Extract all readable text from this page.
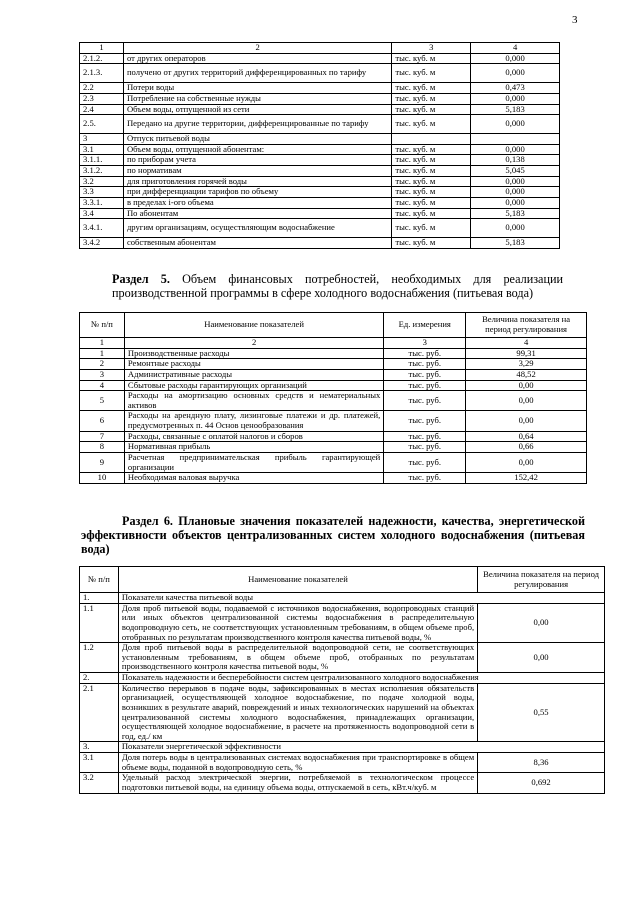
3
1	2	3	4
2.1.2.	от других операторов	тыс. куб. м	0,000
2.1.3.	получено от других территорий дифференцированных по тарифу	тыс. куб. м	0,000
2.2	Потери воды	тыс. куб. м	0,473
2.3	Потребление на собственные нужды	тыс. куб. м	0,000
2.4	Объем воды, отпущенной из сети	тыс. куб. м	5,183
2.5.	Передано на другие территории, дифференцированные по тарифу	тыс. куб. м	0,000
3	Отпуск питьевой воды		
3.1	Объем воды, отпущенной абонентам:	тыс. куб. м	0,000
3.1.1.	по приборам учета	тыс. куб. м	0,138
3.1.2.	по нормативам	тыс. куб. м	5,045
3.2	для приготовления горячей воды	тыс. куб. м	0,000
3.3	при дифференциации тарифов по объему	тыс. куб. м	0,000
3.3.1.	в пределах i-ого объема	тыс. куб. м	0,000
3.4	По абонентам	тыс. куб. м	5,183
3.4.1.	другим организациям, осуществляющим водоснабжение	тыс. куб. м	0,000
3.4.2	собственным абонентам	тыс. куб. м	5,183
Раздел 5. Объем финансовых потребностей, необходимых для реализации производственной программы в сфере холодного водоснабжения (питьевая вода)
№ п/п	Наименование показателей	Ед. измерения	Величина показателя на период регулирования
1	2	3	4
1	Производственные расходы	тыс. руб.	99,31
2	Ремонтные расходы	тыс. руб.	3,29
3	Административные расходы	тыс. руб.	48,52
4	Сбытовые расходы гарантирующих организаций	тыс. руб.	0,00
5	Расходы на амортизацию основных средств и нематериальных активов	тыс. руб.	0,00
6	Расходы на арендную плату, лизинговые платежи и др. платежей, предусмотренных п. 44 Основ ценообразования	тыс. руб.	0,00
7	Расходы, связанные с оплатой налогов и сборов	тыс. руб.	0,64
8	Нормативная прибыль	тыс. руб.	0,66
9	Расчетная предпринимательская прибыль гарантирующей организации	тыс. руб.	0,00
10	Необходимая валовая выручка	тыс. руб.	152,42
Раздел 6. Плановые значения показателей надежности, качества, энергетической эффективности объектов централизованных систем холодного водоснабжения (питьевая вода)
№ п/п	Наименование показателей	Величина показателя на период регулирования
1.	Показатели качества питьевой воды	
1.1	Доля проб питьевой воды, подаваемой с источников водоснабжения, водопроводных станций или иных объектов централизованной системы водоснабжения в распределительную водопроводную сеть, не соответствующих установленным требованиям, в общем объеме проб, отобранных по результатам производственного контроля качества питьевой воды, %	0,00
1.2	Доля проб питьевой воды в распределительной водопроводной сети, не соответствующих установленным требованиям, в общем объеме проб, отобранных по результатам производственного контроля качества питьевой воды, %	0,00
2.	Показатель надежности и бесперебойности систем централизованного холодного водоснабжения	
2.1	Количество перерывов в подаче воды, зафиксированных в местах исполнения обязательств организацией, осуществляющей холодное водоснабжение, по подаче холодной воды, возникших в результате аварий, повреждений и иных технологических нарушений на объектах централизованной системы холодного водоснабжения, принадлежащих организации, осуществляющей холодное водоснабжение, в расчете на протяженность водопроводной сети в год, ед./ км	0,55
3.	Показатели энергетической эффективности	
3.1	Доля потерь воды в централизованных системах водоснабжения при транспортировке в общем объеме воды, поданной в водопроводную сеть, %	8,36
3.2	Удельный расход электрической энергии, потребляемой в технологическом процессе подготовки питьевой воды, на единицу объема воды, отпускаемой в сеть, кВт.ч/куб. м	0,692
